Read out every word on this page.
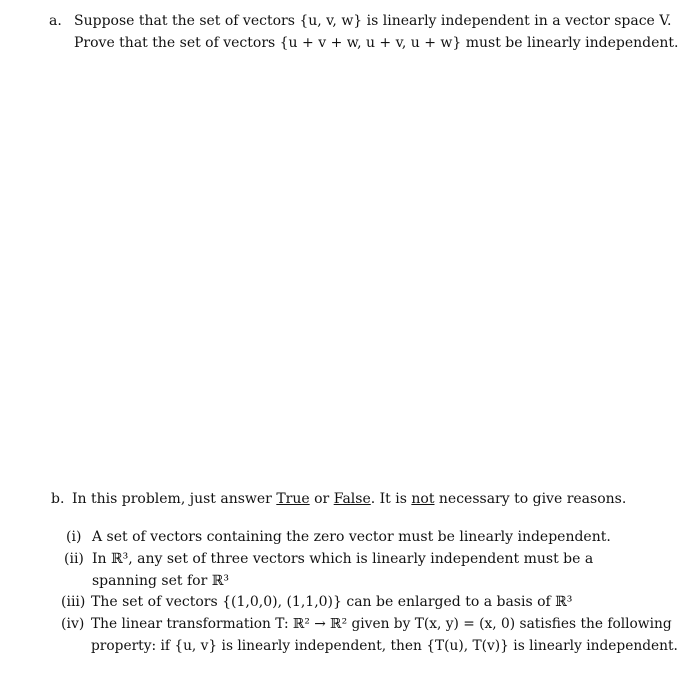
a. Suppose that the set of vectors {u, v, w} is linearly independent in a vector space V.
Prove that the set of vectors {u + v + w, u + v, u + w} must be linearly independent.
b. In this problem, just answer True or False. It is not necessary to give reasons.
(i) A set of vectors containing the zero vector must be linearly independent.
(ii) In ℝ³, any set of three vectors which is linearly independent must be a
spanning set for ℝ³
(iii) The set of vectors {(1,0,0), (1,1,0)} can be enlarged to a basis of ℝ³
(iv) The linear transformation T: ℝ² → ℝ² given by T(x, y) = (x, 0) satisfies the following
property: if {u, v} is linearly independent, then {T(u), T(v)} is linearly independent.
